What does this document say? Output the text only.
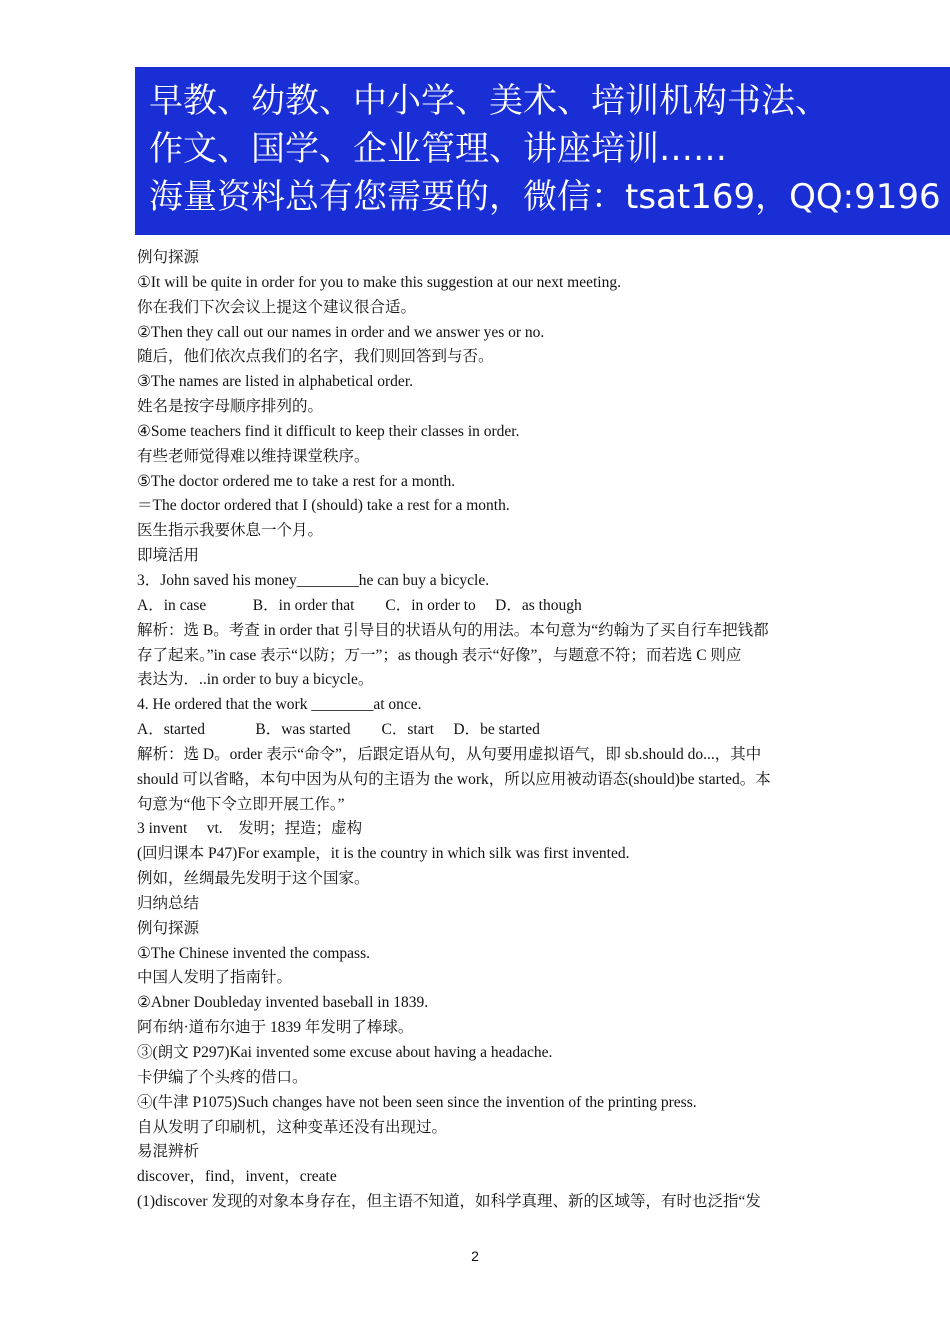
早教、幼教、中小学、美术、培训机构书法、
作文、国学、企业管理、讲座培训……
海量资料总有您需要的，微信：tsat169，QQ:9196
例句探源
①It will be quite in order for you to make this suggestion at our next meeting.
你在我们下次会议上提这个建议很合适。
②Then they call out our names in order and we answer yes or no.
随后，他们依次点我们的名字，我们则回答到与否。
③The names are listed in alphabetical order.
姓名是按字母顺序排列的。
④Some teachers find it difficult to keep their classes in order.
有些老师觉得难以维持课堂秩序。
⑤The doctor ordered me to take a rest for a month.
＝The doctor ordered that I (should) take a rest for a month.
医生指示我要休息一个月。
即境活用
3．John saved his money________he can buy a bicycle.
A．in case　　　B．in order that　　C．in order to　 D．as though
解析：选 B。考查 in order that 引导目的状语从句的用法。本句意为“约翰为了买自行车把钱都
存了起来。”in case 表示“以防；万一”；as though 表示“好像”，与题意不符；而若选 C 则应
表达为．..in order to buy a bicycle。
4. He ordered that the work ________at once.
A．started　　　 B．was started　　C．start　 D．be started
解析：选 D。order 表示“命令”，后跟定语从句，从句要用虚拟语气，即 sb.should do...，其中
should 可以省略，本句中因为从句的主语为 the work，所以应用被动语态(should)be started。本
句意为“他下令立即开展工作。”
3 invent　 vt.　发明；捏造；虚构
(回归课本 P47)For example，it is the country in which silk was first invented.
例如，丝绸最先发明于这个国家。
归纳总结
例句探源
①The Chinese invented the compass.
中国人发明了指南针。
②Abner Doubleday invented baseball in 1839.
阿布纳·道布尔迪于 1839 年发明了棒球。
③(朗文 P297)Kai invented some excuse about having a headache.
卡伊编了个头疼的借口。
④(牛津 P1075)Such changes have not been seen since the invention of the printing press.
自从发明了印刷机，这种变革还没有出现过。
易混辨析
discover，find，invent，create
(1)discover 发现的对象本身存在，但主语不知道，如科学真理、新的区域等，有时也泛指“发
2
